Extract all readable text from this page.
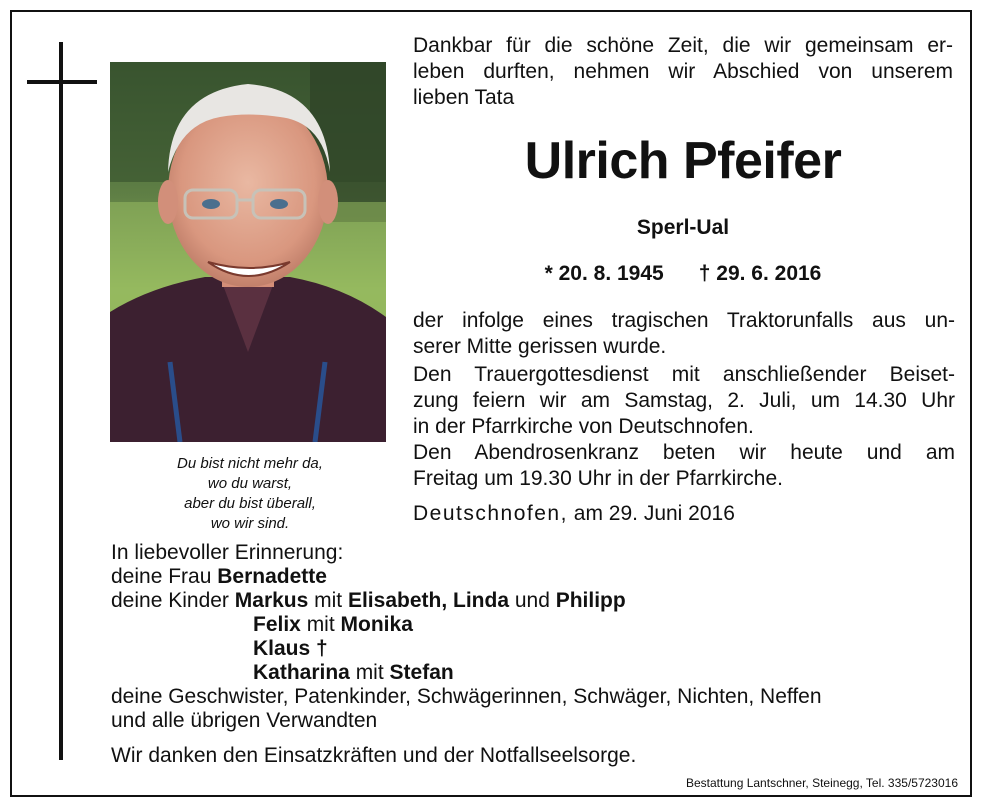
Du bist nicht mehr da,
wo du warst,
aber du bist überall,
wo wir sind.
Dankbar für die schöne Zeit, die wir gemeinsam er-
leben durften, nehmen wir Abschied von unserem
lieben Tata
Ulrich Pfeifer
Sperl-Ual
* 20. 8. 1945 † 29. 6. 2016
der infolge eines tragischen Traktorunfalls aus un-
serer Mitte gerissen wurde.
Den Trauergottesdienst mit anschließender Beiset-
zung feiern wir am Samstag, 2. Juli, um 14.30 Uhr
in der Pfarrkirche von Deutschnofen.
Den Abendrosenkranz beten wir heute und am
Freitag um 19.30 Uhr in der Pfarrkirche.
Deutschnofen, am 29. Juni 2016
In liebevoller Erinnerung:
deine Frau Bernadette
deine Kinder Markus mit Elisabeth, Linda und Philipp
Felix mit Monika
Klaus †
Katharina mit Stefan
deine Geschwister, Patenkinder, Schwägerinnen, Schwäger, Nichten, Neffen
und alle übrigen Verwandten
Wir danken den Einsatzkräften und der Notfallseelsorge.
Bestattung Lantschner, Steinegg, Tel. 335/5723016
